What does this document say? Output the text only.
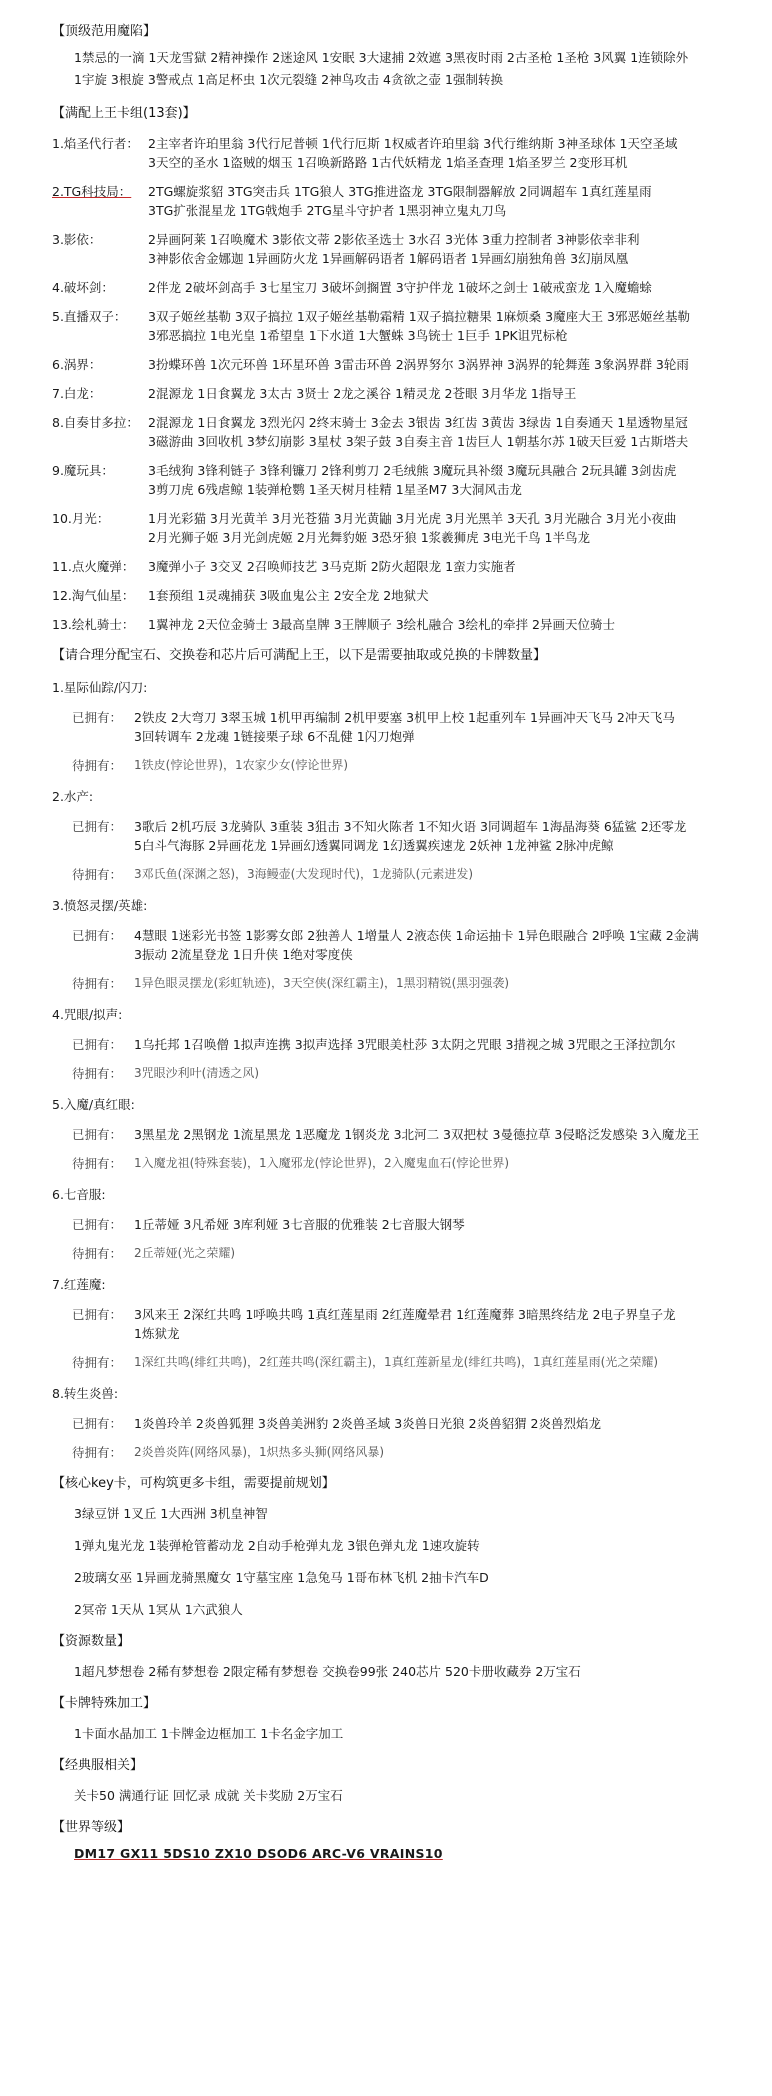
【顶级范用魔陷】

1禁忌的一滴 1天龙雪獄 2精神操作 2迷途风 1安眠 3大逮捕 2效遮 3黑夜时雨 2古圣枪 1圣枪 3风翼 1连锁除外

1宇旋 3根旋 3警戒点 1高足杯虫 1次元裂缝 2神鸟攻击 4贪欲之壶 1强制转换

【满配上王卡组(13套)】

1.焰圣代行者： 2主宰者许珀里翁 3代行尼普顿 1代行厄斯 1权威者许珀里翁 3代行维纳斯 3神圣球体 1天空圣域
3天空的圣水 1盗贼的烟玉 1召唤新路路 1古代妖精龙 1焰圣查理 1焰圣罗兰 2变形耳机
2.TG科技局：	2TG螺旋浆貂 3TG突击兵 1TG狼人 3TG推进盗龙 3TG限制器解放 2同调超车 1真红莲星雨
3TG扩张混星龙 1TG戟炮手 2TG星斗守护者 1黑羽神立鬼丸刀鸟
3.影依：	2异画阿莱 1召唤魔术 3影依文蒂 2影依圣选士 3水召 3光体 3重力控制者 3神影依幸非利
3神影依舍金娜迦 1异画防火龙 1异画解码语者 1解码语者 1异画幻崩独角兽 3幻崩凤凰
4.破坏剑：	2伴龙 2破坏剑高手 3七星宝刀 3破坏剑搁置 3守护伴龙 1破坏之剑士 1破戒蛮龙 1入魔蟾蜍
5.直播双子：	3双子姬丝基勒 3双子搞拉 1双子姬丝基勒霜精 1双子搞拉糖果 1麻烦桑 3魔座大王 3邪恶姬丝基勒
3邪恶搞拉 1电光皇 1希望皇 1下水道 1大蟹蛛 3鸟铳士 1巨手 1PK诅咒标枪
6.涡界：	3扮蝶环兽 1次元环兽 1环星环兽 3雷击环兽 2涡界努尔 3涡界神 3涡界的轮舞莲 3象涡界群 3轮雨
7.白龙：	2混源龙 1日食翼龙 3太古 3贤士 2龙之溪谷 1精灵龙 2苍眼 3月华龙 1指导王
8.自奏甘多拉： 2混源龙 1日食翼龙 3烈光闪 2终末骑士 3金去 3银齿 3红齿 3黄齿 3绿齿 1自奏通天 1星透物星冠
3磁游曲 3回收机 3梦幻崩影 3星杖 3架子鼓 3自奏主音 1齿巨人 1朝基尔苏 1破天巨爱 1古斯塔夫
9.魔玩具：	3毛绒狗 3锋利链子 3锋利镰刀 2锋利剪刀 2毛绒熊 3魔玩具补缀 3魔玩具融合 2玩具罐 3剑齿虎
3剪刀虎 6残虐鲸 1装弹枪鹦 1圣天树月桂精 1星圣M7 3大洞风击龙
10.月光：	1月光彩猫 3月光黄羊 3月光苍猫 3月光黄鼬 3月光虎 3月光黑羊 3天孔 3月光融合 3月光小夜曲
2月光狮子姬 3月光剑虎姬 2月光舞豹姬 3恐牙狼 1浆羲狮虎 3电光千鸟 1半鸟龙
11.点火魔弹：	3魔弹小子 3交叉 2召唤师技艺 3马克斯 2防火超限龙 1蛮力实施者
12.淘气仙星：	1套预组 1灵魂捕获 3吸血鬼公主 2安全龙 2地狱犬
13.绘札骑士：	1翼神龙 2天位金骑士 3最高皇牌 3王牌顺子 3绘札融合 3绘札的牵拌 2异画天位骑士

【请合理分配宝石、交换卷和芯片后可满配上王，以下是需要抽取或兑换的卡牌数量】

1.星际仙踪/闪刀:

已拥有： 2铁皮 2大弯刀 3翠玉城 1机甲再编制 2机甲要塞 3机甲上校 1起重列车 1异画冲天飞马 2冲天飞马
3回转调车 2龙魂 1链接栗子球 6不乱健 1闪刀炮弹
待拥有： 1铁皮(悖论世界)，1农家少女(悖论世界)

2.水产:

已拥有： 3歌后 2机巧辰 3龙骑队 3重装 3狙击 3不知火陈者 1不知火语 3同调超车 1海晶海葵 6猛鲨 2还零龙
5白斗气海豚 2异画花龙 1异画幻透翼同调龙 1幻透翼疾速龙 2妖神 1龙神鲨 2脉冲虎鲸
待拥有： 3邓氏鱼(深渊之怒)，3海鳗壶(大发现时代)，1龙骑队(元素进发)

3.愤怒灵摆/英雄:

已拥有： 4慧眼 1迷彩光书签 1影雾女郎 2独善人 1增量人 2液态侠 1命运抽卡 1异色眼融合 2呼唤 1宝藏 2金满
3振动 2流星登龙 1日升侠 1绝对零度侠
待拥有： 1异色眼灵摆龙(彩虹轨迹)，3天空侠(深红霸主)，1黑羽精锐(黑羽强袭)

4.咒眼/拟声:

已拥有： 1乌托邦 1召唤僧 1拟声连携 3拟声选择 3咒眼美杜莎 3太阴之咒眼 3措视之城 3咒眼之王泽拉凯尔
待拥有： 3咒眼沙利叶(清透之风)

5.入魔/真红眼:

已拥有： 3黑星龙 2黑钢龙 1流星黑龙 1恶魔龙 1钢炎龙 3北河二 3双把杖 3曼德拉草 3侵略泛发感染 3入魔龙王
待拥有： 1入魔龙祖(特殊套装)，1入魔邪龙(悖论世界)，2入魔鬼血石(悖论世界)

6.七音服:

已拥有： 1丘蒂娅 3凡希娅 3库利娅 3七音服的优雅装 2七音服大钢琴
待拥有： 2丘蒂娅(光之荣耀)

7.红莲魔:

已拥有： 3风来王 2深红共鸣 1呼唤共鸣 1真红莲星雨 2红莲魔晕君 1红莲魔葬 3暗黑终结龙 2电子界皇子龙
1炼狱龙
待拥有： 1深红共鸣(绯红共鸣)，2红莲共鸣(深红霸主)，1真红莲新星龙(绯红共鸣)，1真红莲星雨(光之荣耀)

8.转生炎兽:

已拥有： 1炎兽玲羊 2炎兽狐狸 3炎兽美洲豹 2炎兽圣域 3炎兽日光狼 2炎兽貂猬 2炎兽烈焰龙
待拥有： 2炎兽炎阵(网络风暴)，1炽热多头狮(网络风暴)

【核心key卡，可构筑更多卡组，需要提前规划】

3绿豆饼 1叉丘 1大西洲 3机皇神智

1弹丸鬼光龙 1装弹枪管蓄动龙 2自动手枪弹丸龙 3银色弹丸龙 1速攻旋转

2玻璃女巫 1异画龙骑黑魔女 1守墓宝座 1急兔马 1哥布林飞机 2抽卡汽车D

2冥帝 1天从 1冥从 1六武狼人

【资源数量】

1超凡梦想卷 2稀有梦想卷 2限定稀有梦想卷 交换卷99张 240芯片 520卡册收藏券 2万宝石

【卡牌特殊加工】

1卡面水晶加工 1卡牌金边框加工 1卡名金字加工

【经典服相关】

关卡50 满通行证 回忆录 成就 关卡奖励 2万宝石

【世界等级】

DM17 GX11 5DS10 ZX10 DSOD6 ARC-V6 VRAINS10
